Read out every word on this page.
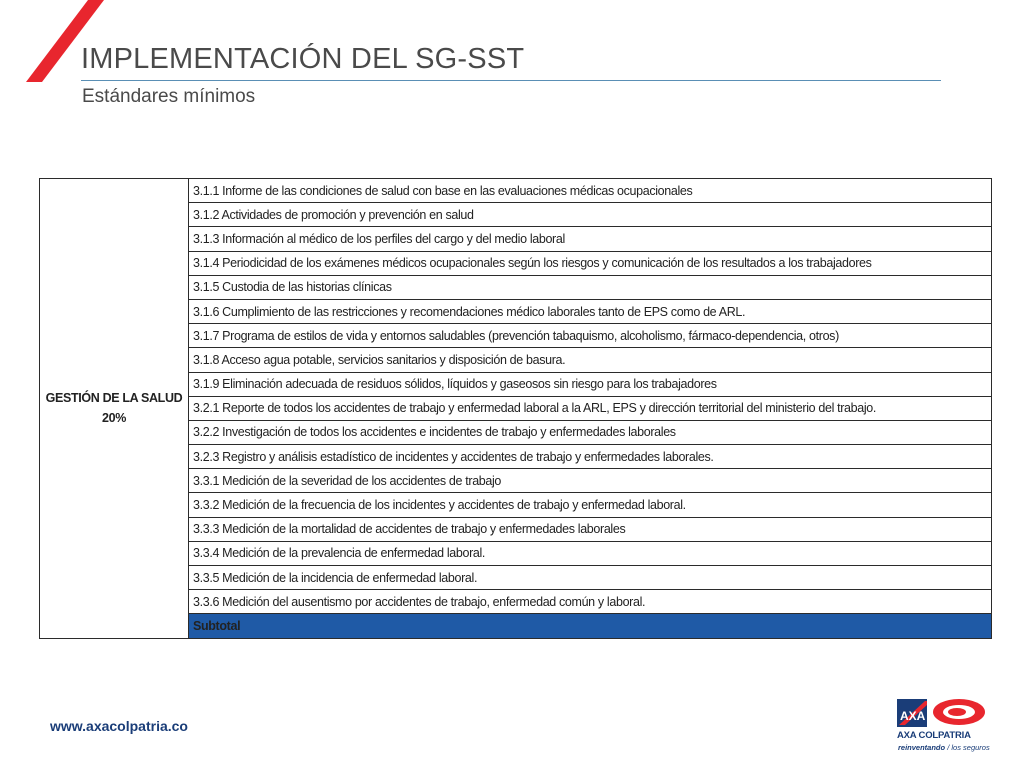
IMPLEMENTACIÓN DEL SG-SST
Estándares mínimos
GESTIÓN DE LA SALUD
20%
	3.1.1 Informe de las condiciones de salud con base en las evaluaciones médicas ocupacionales
3.1.2 Actividades de promoción y prevención en salud
3.1.3 Información al médico de los perfiles del cargo y del medio laboral
3.1.4 Periodicidad de los exámenes médicos ocupacionales según los riesgos y comunicación de los resultados a los trabajadores
3.1.5 Custodia de las historias clínicas
3.1.6 Cumplimiento de las restricciones y recomendaciones médico laborales tanto de EPS como de ARL.
3.1.7 Programa de estilos de vida y entornos saludables (prevención tabaquismo, alcoholismo, fármaco-dependencia, otros)
3.1.8 Acceso agua potable, servicios sanitarios y disposición de basura.
3.1.9 Eliminación adecuada de residuos sólidos, líquidos y gaseosos sin riesgo para los trabajadores
3.2.1 Reporte de todos los accidentes de trabajo y enfermedad laboral a la ARL, EPS y dirección territorial del ministerio del trabajo.
3.2.2 Investigación de todos los accidentes e incidentes de trabajo y enfermedades laborales
3.2.3 Registro y análisis estadístico de incidentes y accidentes de trabajo y enfermedades laborales.
3.3.1 Medición de la severidad de los accidentes de trabajo
3.3.2 Medición de la frecuencia de los incidentes y accidentes de trabajo y enfermedad laboral.
3.3.3 Medición de la mortalidad de accidentes de trabajo y enfermedades laborales
3.3.4 Medición de la prevalencia de enfermedad laboral.
3.3.5 Medición de la incidencia de enfermedad laboral.
3.3.6 Medición del ausentismo por accidentes de trabajo, enfermedad común y laboral.
Subtotal
www.axacolpatria.co
AXA
AXA COLPATRIA
reinventando / los seguros
